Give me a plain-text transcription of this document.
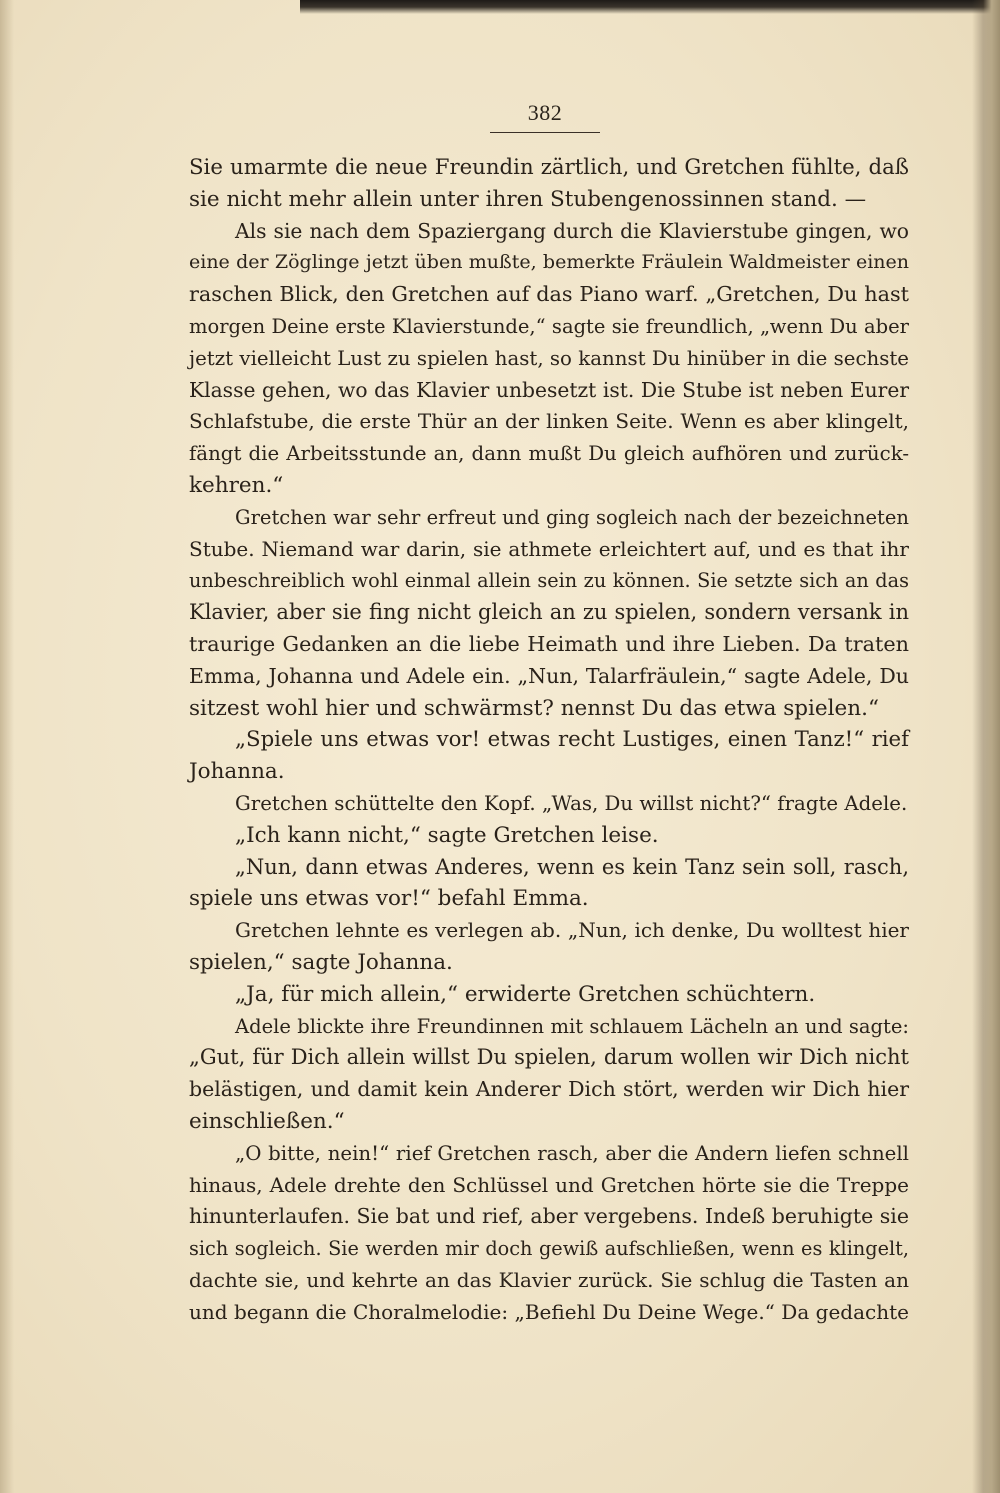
382
Sie umarmte die neue Freundin zärtlich, und Gretchen fühlte, daß
sie nicht mehr allein unter ihren Stubengenossinnen stand. —
Als sie nach dem Spaziergang durch die Klavierstube gingen, wo
eine der Zöglinge jetzt üben mußte, bemerkte Fräulein Waldmeister einen
raschen Blick, den Gretchen auf das Piano warf. „Gretchen, Du hast
morgen Deine erste Klavierstunde,“ sagte sie freundlich, „wenn Du aber
jetzt vielleicht Lust zu spielen hast, so kannst Du hinüber in die sechste
Klasse gehen, wo das Klavier unbesetzt ist. Die Stube ist neben Eurer
Schlafstube, die erste Thür an der linken Seite. Wenn es aber klingelt,
fängt die Arbeitsstunde an, dann mußt Du gleich aufhören und zurück-
kehren.“
Gretchen war sehr erfreut und ging sogleich nach der bezeichneten
Stube. Niemand war darin, sie athmete erleichtert auf, und es that ihr
unbeschreiblich wohl einmal allein sein zu können. Sie setzte sich an das
Klavier, aber sie fing nicht gleich an zu spielen, sondern versank in
traurige Gedanken an die liebe Heimath und ihre Lieben. Da traten
Emma, Johanna und Adele ein. „Nun, Talarfräulein,“ sagte Adele, Du
sitzest wohl hier und schwärmst? nennst Du das etwa spielen.“
„Spiele uns etwas vor! etwas recht Lustiges, einen Tanz!“ rief
Johanna.
Gretchen schüttelte den Kopf. „Was, Du willst nicht?“ fragte Adele.
„Ich kann nicht,“ sagte Gretchen leise.
„Nun, dann etwas Anderes, wenn es kein Tanz sein soll, rasch,
spiele uns etwas vor!“ befahl Emma.
Gretchen lehnte es verlegen ab. „Nun, ich denke, Du wolltest hier
spielen,“ sagte Johanna.
„Ja, für mich allein,“ erwiderte Gretchen schüchtern.
Adele blickte ihre Freundinnen mit schlauem Lächeln an und sagte:
„Gut, für Dich allein willst Du spielen, darum wollen wir Dich nicht
belästigen, und damit kein Anderer Dich stört, werden wir Dich hier
einschließen.“
„O bitte, nein!“ rief Gretchen rasch, aber die Andern liefen schnell
hinaus, Adele drehte den Schlüssel und Gretchen hörte sie die Treppe
hinunterlaufen. Sie bat und rief, aber vergebens. Indeß beruhigte sie
sich sogleich. Sie werden mir doch gewiß aufschließen, wenn es klingelt,
dachte sie, und kehrte an das Klavier zurück. Sie schlug die Tasten an
und begann die Choralmelodie: „Befiehl Du Deine Wege.“ Da gedachte
